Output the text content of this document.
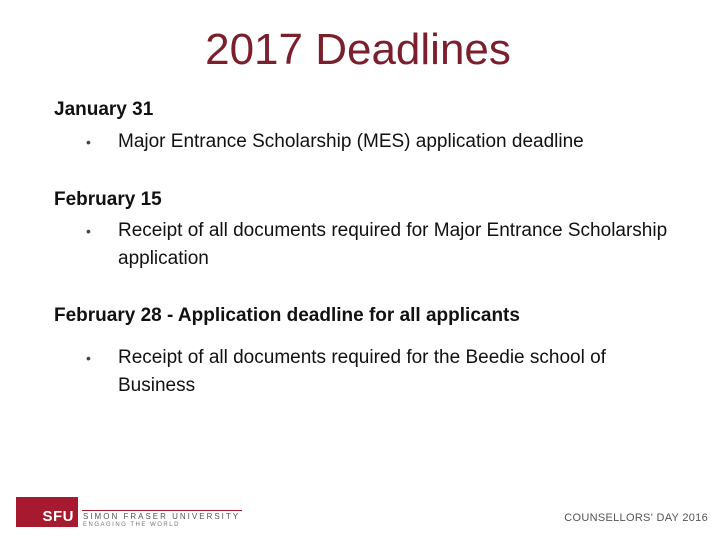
2017 Deadlines
January 31
• Major Entrance Scholarship (MES) application deadline
February 15
• Receipt of all documents required for Major Entrance Scholarship application
February 28 - Application deadline for all applicants
• Receipt of all documents required for the Beedie school of Business
SFU	SIMON FRASER UNIVERSITY
ENGAGING THE WORLD
COUNSELLORS' DAY 2016
